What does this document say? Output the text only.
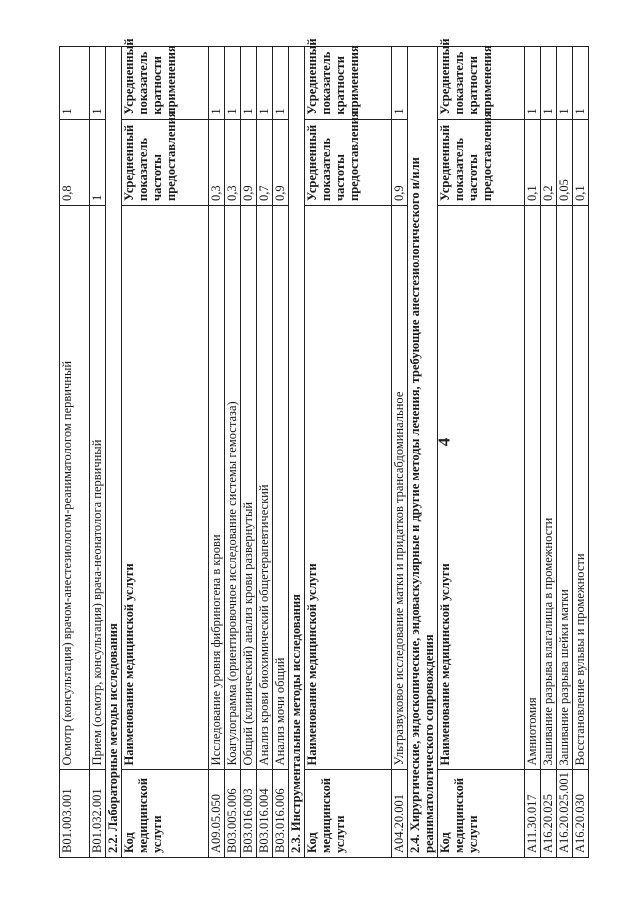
4
B01.003.001	Осмотр (консультация) врачом-анестезиологом-реаниматологом первичный	0,8	1
B01.032.001	Прием (осмотр, консультация) врача-неонатолога первичный	1	1
2.2. Лабораторные методы исследования			
Код медицинской услуги	Наименование медицинской услуги	Усредненный показатель частоты предоставления	Усредненный показатель кратности применения
A09.05.050	Исследование уровня фибриногена в крови	0,3	1
B03.005.006	Коагулограмма (ориентировочное исследование системы гемостаза)	0,3	1
B03.016.003	Общий (клинический) анализ крови развернутый	0,9	1
B03.016.004	Анализ крови биохимический общетерапевтический	0,7	1
B03.016.006	Анализ мочи общий	0,9	1
2.3. Инструментальные методы исследования			
Код медицинской услуги	Наименование медицинской услуги	Усредненный показатель частоты предоставления	Усредненный показатель кратности применения
A04.20.001	Ультразвуковое исследование матки и придатков трансабдоминальное	0,9	1
2.4. Хирургические, эндоскопические, эндоваскулярные и другие методы лечения, требующие анестезиологического и/или реаниматологического сопровождения			
Код медицинской услуги	Наименование медицинской услуги	Усредненный показатель частоты предоставления	Усредненный показатель кратности применения
A11.30.017	Амниотомия	0,1	1
A16.20.025	Зашивание разрыва влагалища в промежности	0,2	1
A16.20.025.001	Зашивание разрыва шейки матки	0,05	1
A16.20.030	Восстановление вульвы и промежности	0,1	1
